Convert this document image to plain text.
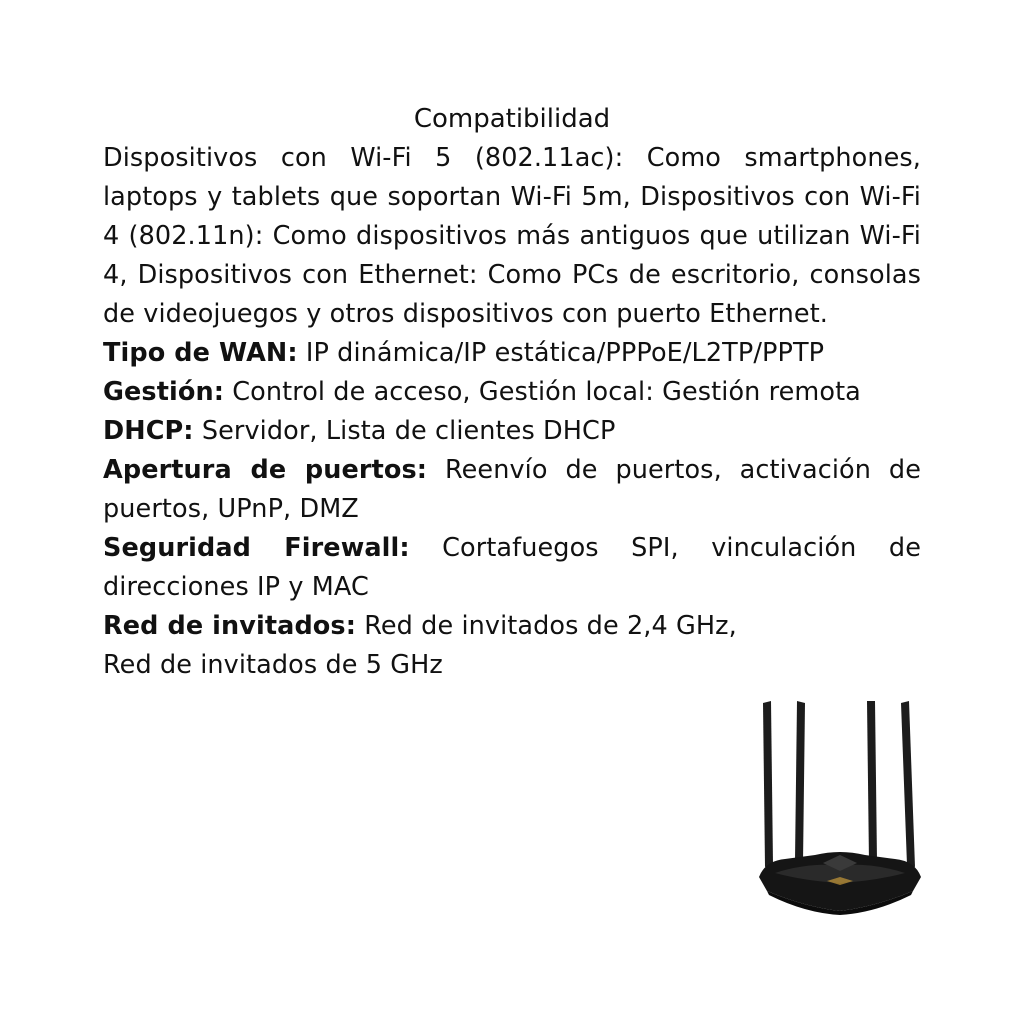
Compatibilidad

Dispositivos con Wi-Fi 5 (802.11ac): Como smartphones, laptops y tablets que soportan Wi-Fi 5m, Dispositivos con Wi-Fi 4 (802.11n): Como dispositivos más antiguos que utilizan Wi-Fi 4, Dispositivos con Ethernet: Como PCs de escritorio, consolas de videojuegos y otros dispositivos con puerto Ethernet.

Tipo de WAN: IP dinámica/IP estática/PPPoE/L2TP/PPTP

Gestión: Control de acceso, Gestión local: Gestión remota

DHCP: Servidor, Lista de clientes DHCP

Apertura de puertos: Reenvío de puertos, activación de puertos, UPnP, DMZ

Seguridad Firewall: Cortafuegos SPI, vinculación de direcciones IP y MAC

Red de invitados: Red de invitados de 2,4 GHz, Red de invitados de 5 GHz
